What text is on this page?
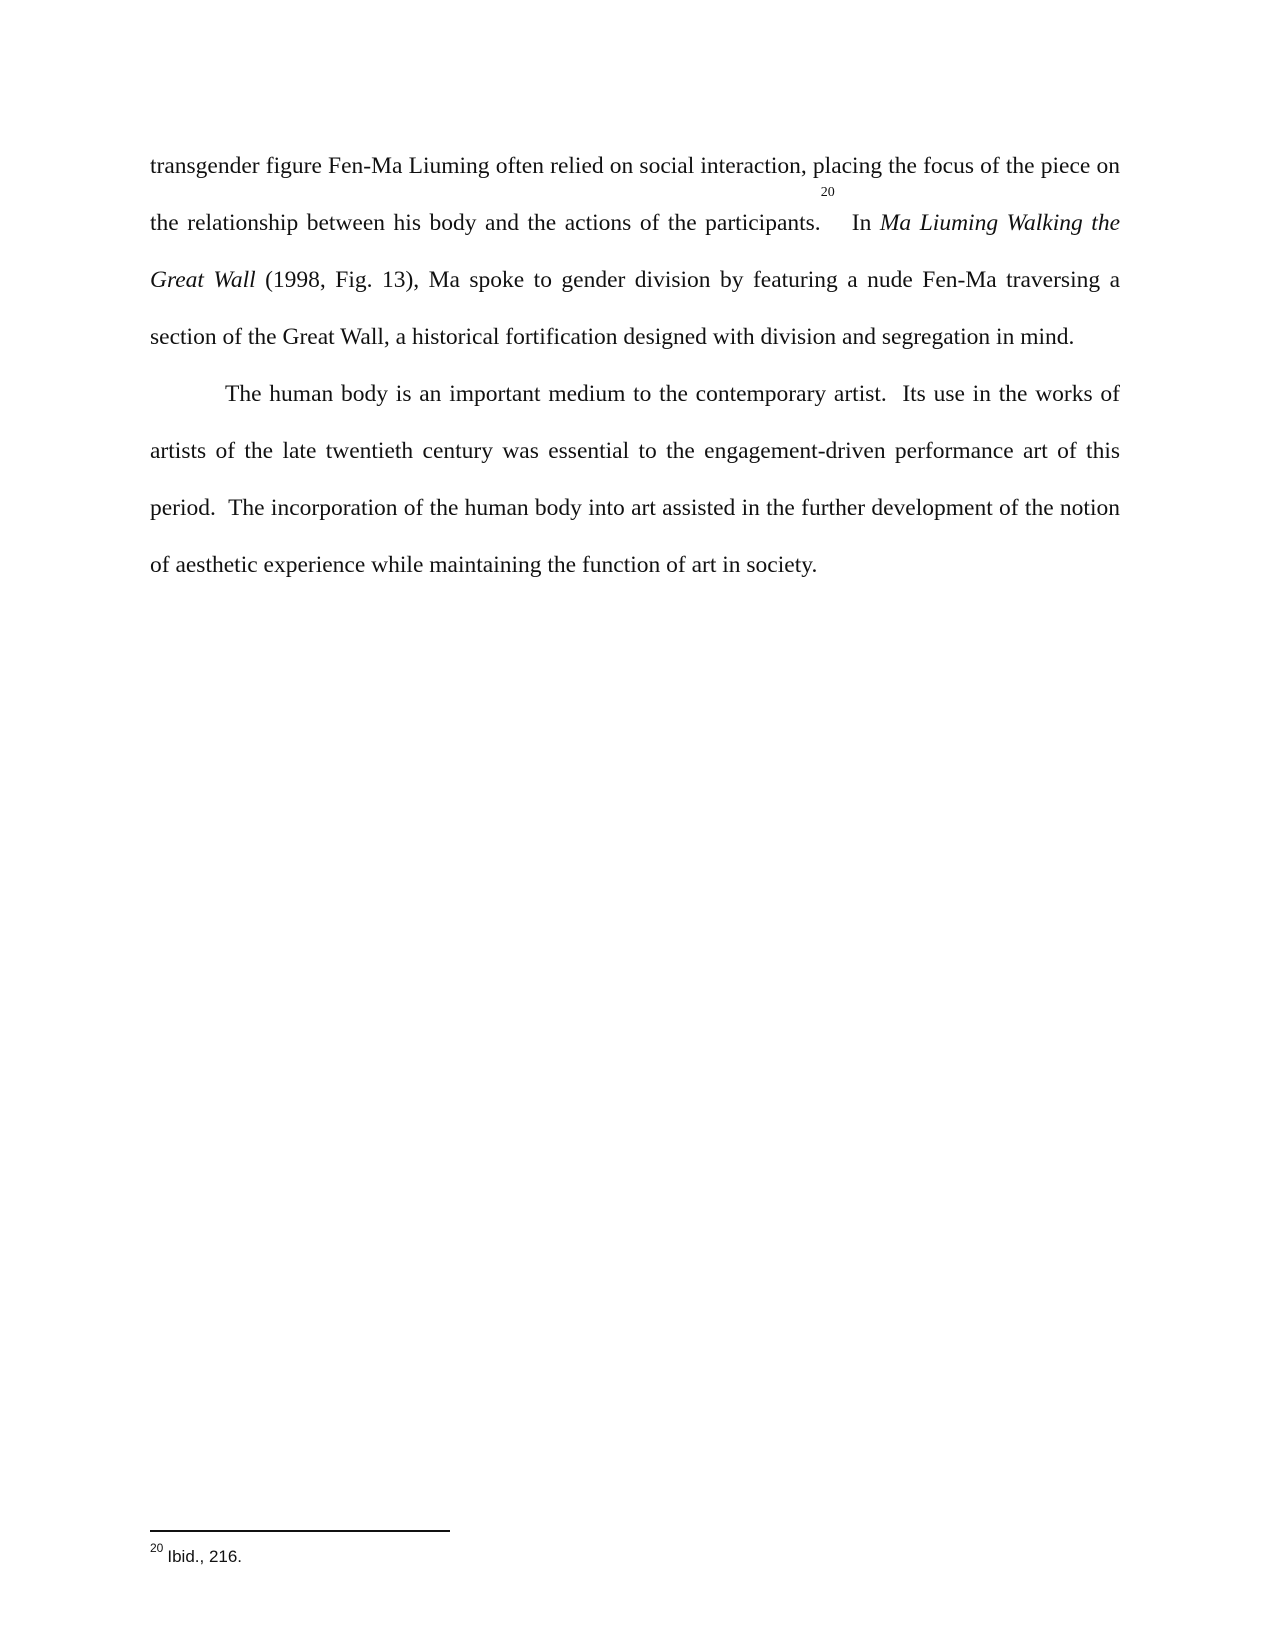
transgender figure Fen-Ma Liuming often relied on social interaction, placing the focus of the piece on the relationship between his body and the actions of the participants.$^{20}$  In Ma Liuming Walking the Great Wall (1998, Fig. 13), Ma spoke to gender division by featuring a nude Fen-Ma traversing a section of the Great Wall, a historical fortification designed with division and segregation in mind.

The human body is an important medium to the contemporary artist.  Its use in the works of artists of the late twentieth century was essential to the engagement-driven performance art of this period.  The incorporation of the human body into art assisted in the further development of the notion of aesthetic experience while maintaining the function of art in society.

$^{20}$ Ibid., 216.
